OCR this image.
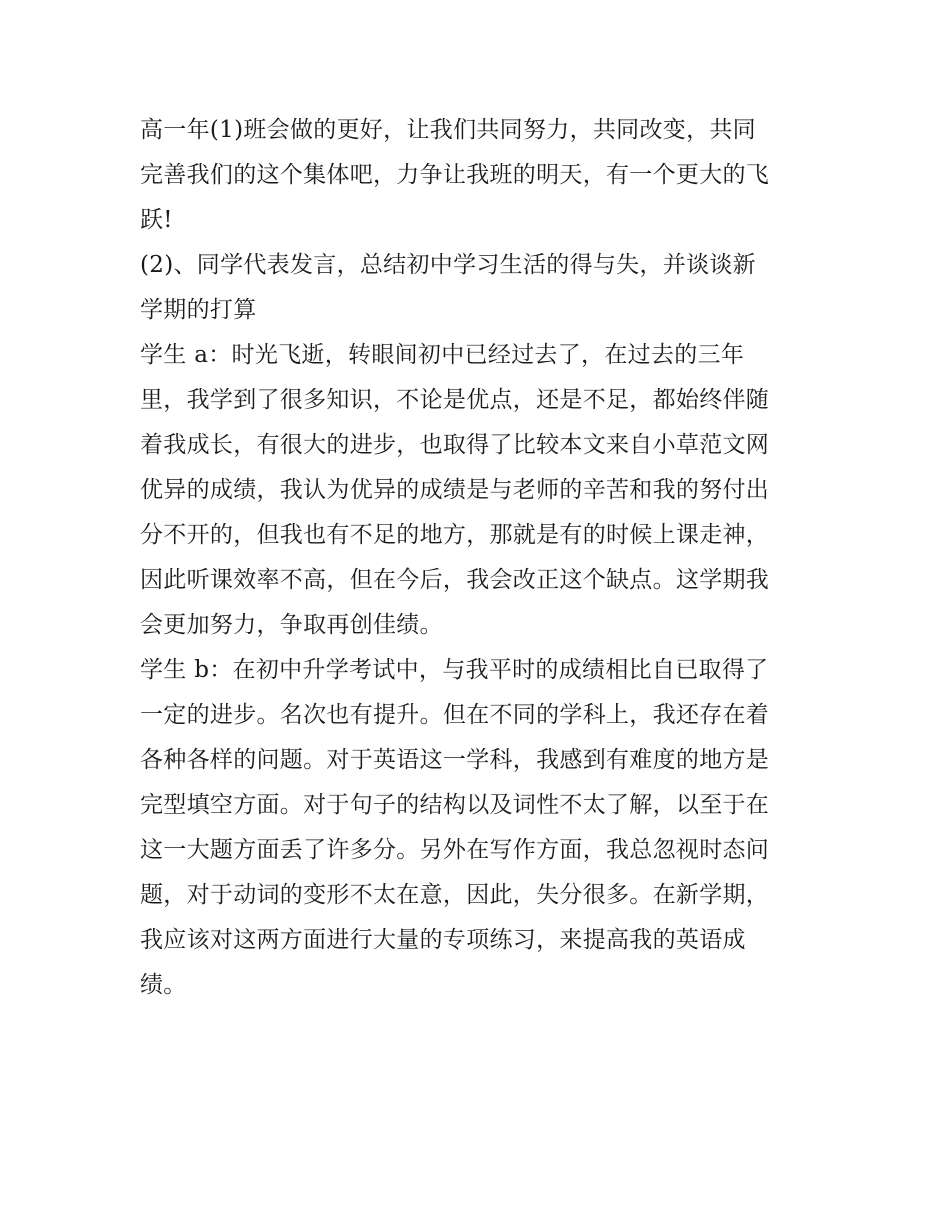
高一年(1)班会做的更好，让我们共同努力，共同改变，共同
完善我们的这个集体吧，力争让我班的明天，有一个更大的飞
跃!

(2)、同学代表发言，总结初中学习生活的得与失，并谈谈新
学期的打算

学生 a：时光飞逝，转眼间初中已经过去了，在过去的三年
里，我学到了很多知识，不论是优点，还是不足，都始终伴随
着我成长，有很大的进步，也取得了比较本文来自小草范文网
优异的成绩，我认为优异的成绩是与老师的辛苦和我的努付出
分不开的，但我也有不足的地方，那就是有的时候上课走神，
因此听课效率不高，但在今后，我会改正这个缺点。这学期我
会更加努力，争取再创佳绩。

学生 b：在初中升学考试中，与我平时的成绩相比自已取得了
一定的进步。名次也有提升。但在不同的学科上，我还存在着
各种各样的问题。对于英语这一学科，我感到有难度的地方是
完型填空方面。对于句子的结构以及词性不太了解，以至于在
这一大题方面丢了许多分。另外在写作方面，我总忽视时态问
题，对于动词的变形不太在意，因此，失分很多。在新学期，
我应该对这两方面进行大量的专项练习，来提高我的英语成
绩。
